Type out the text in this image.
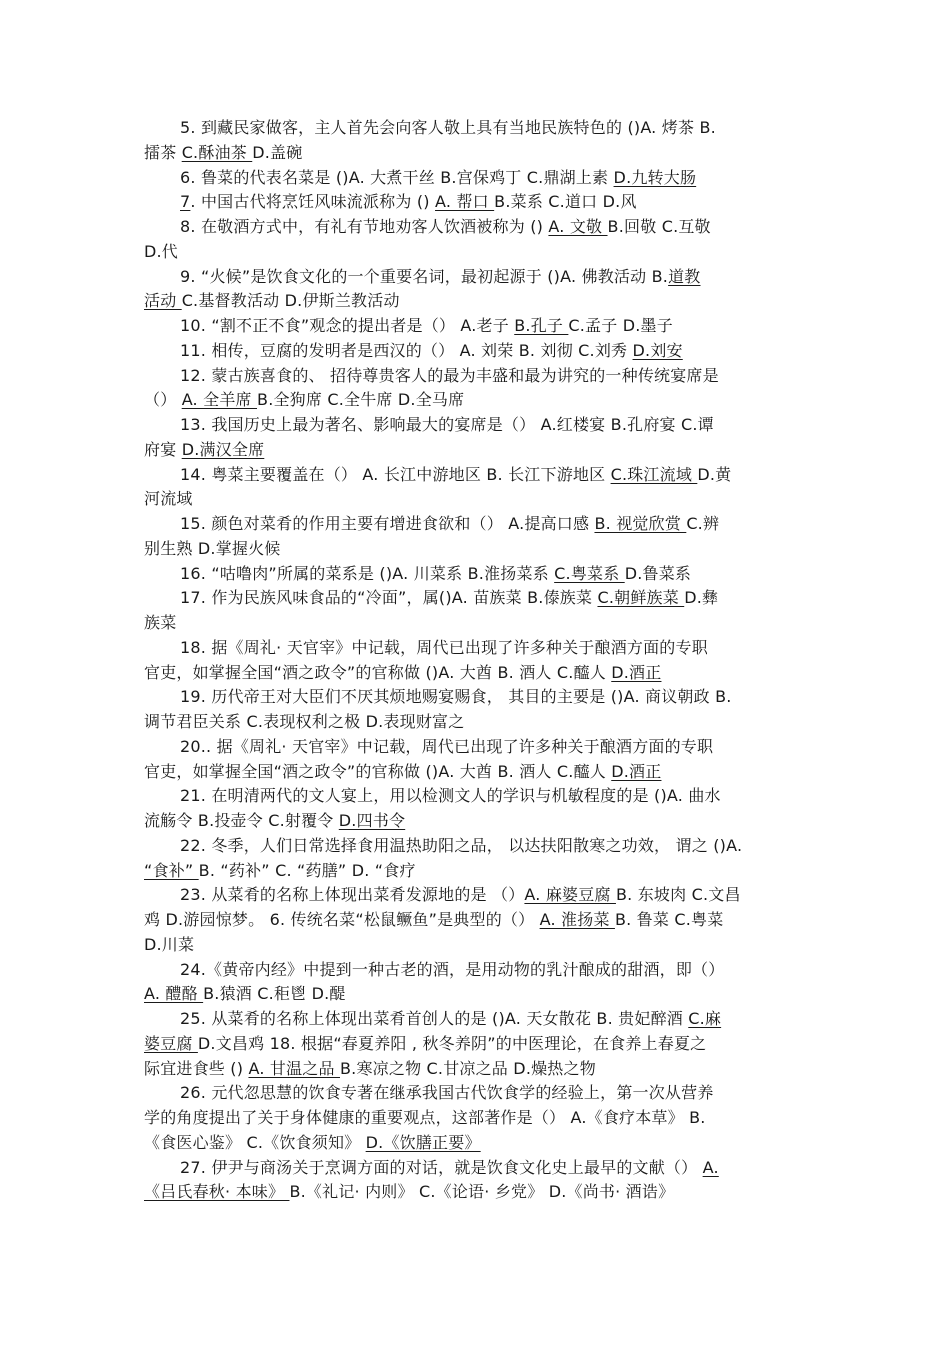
5. 到藏民家做客，主人首先会向客人敬上具有当地民族特色的 ()A. 烤茶 B.
擂茶 C.酥油茶 D.盖碗
6. 鲁菜的代表名菜是 ()A. 大煮干丝 B.宫保鸡丁 C.鼎湖上素 D.九转大肠
7. 中国古代将烹饪风味流派称为 () A. 帮口 B.菜系 C.道口 D.风
8. 在敬酒方式中，有礼有节地劝客人饮酒被称为 () A. 文敬 B.回敬 C.互敬
D.代
9. “火候”是饮食文化的一个重要名词，最初起源于 ()A. 佛教活动 B.道教
活动 C.基督教活动 D.伊斯兰教活动
10. “割不正不食”观念的提出者是（） A.老子 B.孔子 C.孟子 D.墨子
11. 相传，豆腐的发明者是西汉的（） A. 刘荣 B. 刘彻 C.刘秀 D.刘安
12. 蒙古族喜食的、 招待尊贵客人的最为丰盛和最为讲究的一种传统宴席是
（） A. 全羊席 B.全狗席 C.全牛席 D.全马席
13. 我国历史上最为著名、影响最大的宴席是（） A.红楼宴 B.孔府宴 C.谭
府宴 D.满汉全席
14. 粤菜主要覆盖在（） A. 长江中游地区 B. 长江下游地区 C.珠江流域 D.黄
河流域
15. 颜色对菜肴的作用主要有增进食欲和（） A.提高口感 B. 视觉欣赏 C.辨
别生熟 D.掌握火候
16. “咕噜肉”所属的菜系是 ()A. 川菜系 B.淮扬菜系 C.粤菜系 D.鲁菜系
17. 作为民族风味食品的“冷面”，属()A. 苗族菜 B.傣族菜 C.朝鲜族菜 D.彝
族菜
18. 据《周礼· 天官宰》中记载，周代已出现了许多种关于酿酒方面的专职
官吏，如掌握全国“酒之政令”的官称做 ()A. 大酋 B. 酒人 C.醯人 D.酒正
19. 历代帝王对大臣们不厌其烦地赐宴赐食， 其目的主要是 ()A. 商议朝政 B.
调节君臣关系 C.表现权利之极 D.表现财富之
20.. 据《周礼· 天官宰》中记载，周代已出现了许多种关于酿酒方面的专职
官吏，如掌握全国“酒之政令”的官称做 ()A. 大酋 B. 酒人 C.醯人 D.酒正
21. 在明清两代的文人宴上，用以检测文人的学识与机敏程度的是 ()A. 曲水
流觞令 B.投壶令 C.射覆令 D.四书令
22. 冬季，人们日常选择食用温热助阳之品， 以达扶阳散寒之功效， 谓之 ()A.
“食补” B. “药补” C. “药膳” D. “食疗
23. 从菜肴的名称上体现出菜肴发源地的是 （）A. 麻婆豆腐 B. 东坡肉 C.文昌
鸡 D.游园惊梦。 6. 传统名菜“松鼠鳜鱼”是典型的（） A. 淮扬菜 B. 鲁菜 C.粤菜
D.川菜
24.《黄帝内经》中提到一种古老的酒，是用动物的乳汁酿成的甜酒，即（）
A. 醴酪 B.猿酒 C.秬鬯 D.醍
25. 从菜肴的名称上体现出菜肴首创人的是 ()A. 天女散花 B. 贵妃醉酒 C.麻
婆豆腐 D.文昌鸡 18. 根据“春夏养阳 , 秋冬养阴”的中医理论，在食养上春夏之
际宜进食些 () A. 甘温之品 B.寒凉之物 C.甘凉之品 D.燥热之物
26. 元代忽思慧的饮食专著在继承我国古代饮食学的经验上，第一次从营养
学的角度提出了关于身体健康的重要观点，这部著作是（） A.《食疗本草》 B.
《食医心鉴》 C.《饮食须知》 D.《饮膳正要》
27. 伊尹与商汤关于烹调方面的对话，就是饮食文化史上最早的文献（） A.
《吕氏春秋· 本味》 B.《礼记· 内则》 C.《论语· 乡党》 D.《尚书· 酒诰》
